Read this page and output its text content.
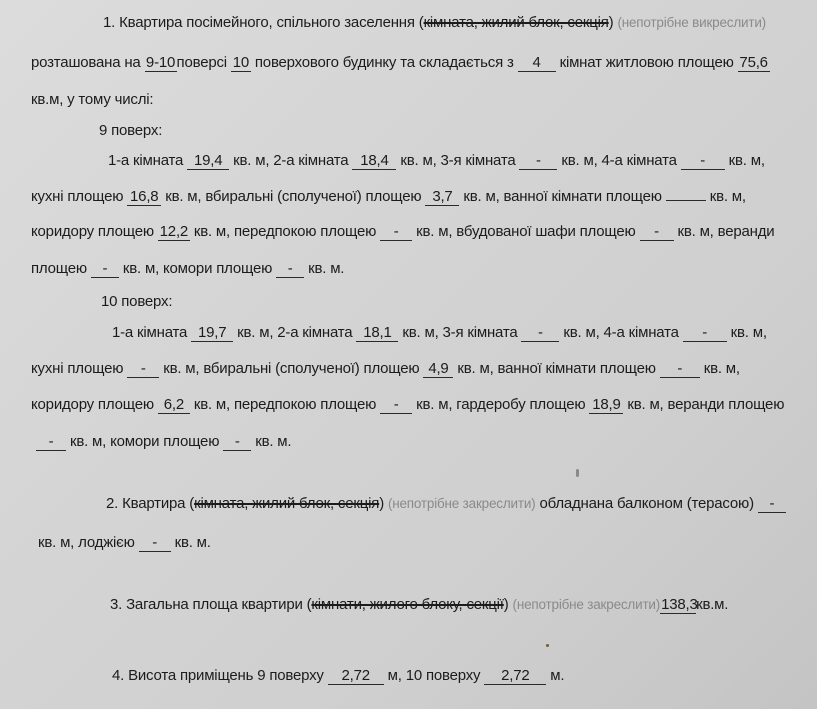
1. Квартира посімейного, спільного заселення (кімната, жилий блок, секція) (непотрібне викреслити)
розташована на 9-10поверсі 10 поверхового будинку та складається з 4 кімнат житловою площею 75,6
кв.м, у тому числі:
9 поверх:
1-а кімната 19,4 кв. м, 2-а кімната 18,4 кв. м, 3-я кімната - кв. м, 4-а кімната - кв. м,
кухні площею 16,8 кв. м, вбиральні (сполученої) площею 3,7 кв. м, ванної кімнати площею	кв. м,
коридору площею 12,2 кв. м, передпокою площею - кв. м, вбудованої шафи площею - кв. м, веранди
площею - кв. м, комори площею - кв. м.
10 поверх:
1-а кімната 19,7 кв. м, 2-а кімната 18,1 кв. м, 3-я кімната - кв. м, 4-а кімната - кв. м,
кухні площею - кв. м, вбиральні (сполученої) площею 4,9 кв. м, ванної кімнати площею - кв. м,
коридору площею 6,2 кв. м, передпокою площею - кв. м, гардеробу площею 18,9 кв. м, веранди площею
- кв. м, комори площею - кв. м.
2. Квартира (кімната, жилий блок, секція) (непотрібне закреслити) обладнана балконом (терасою) -
кв. м, лоджією - кв. м.
3. Загальна площа квартири (кімнати, жилого блоку, секції) (непотрібне закреслити)138,3кв.м.
4. Висота приміщень 9 поверху 2,72 м, 10 поверху 2,72 м.
